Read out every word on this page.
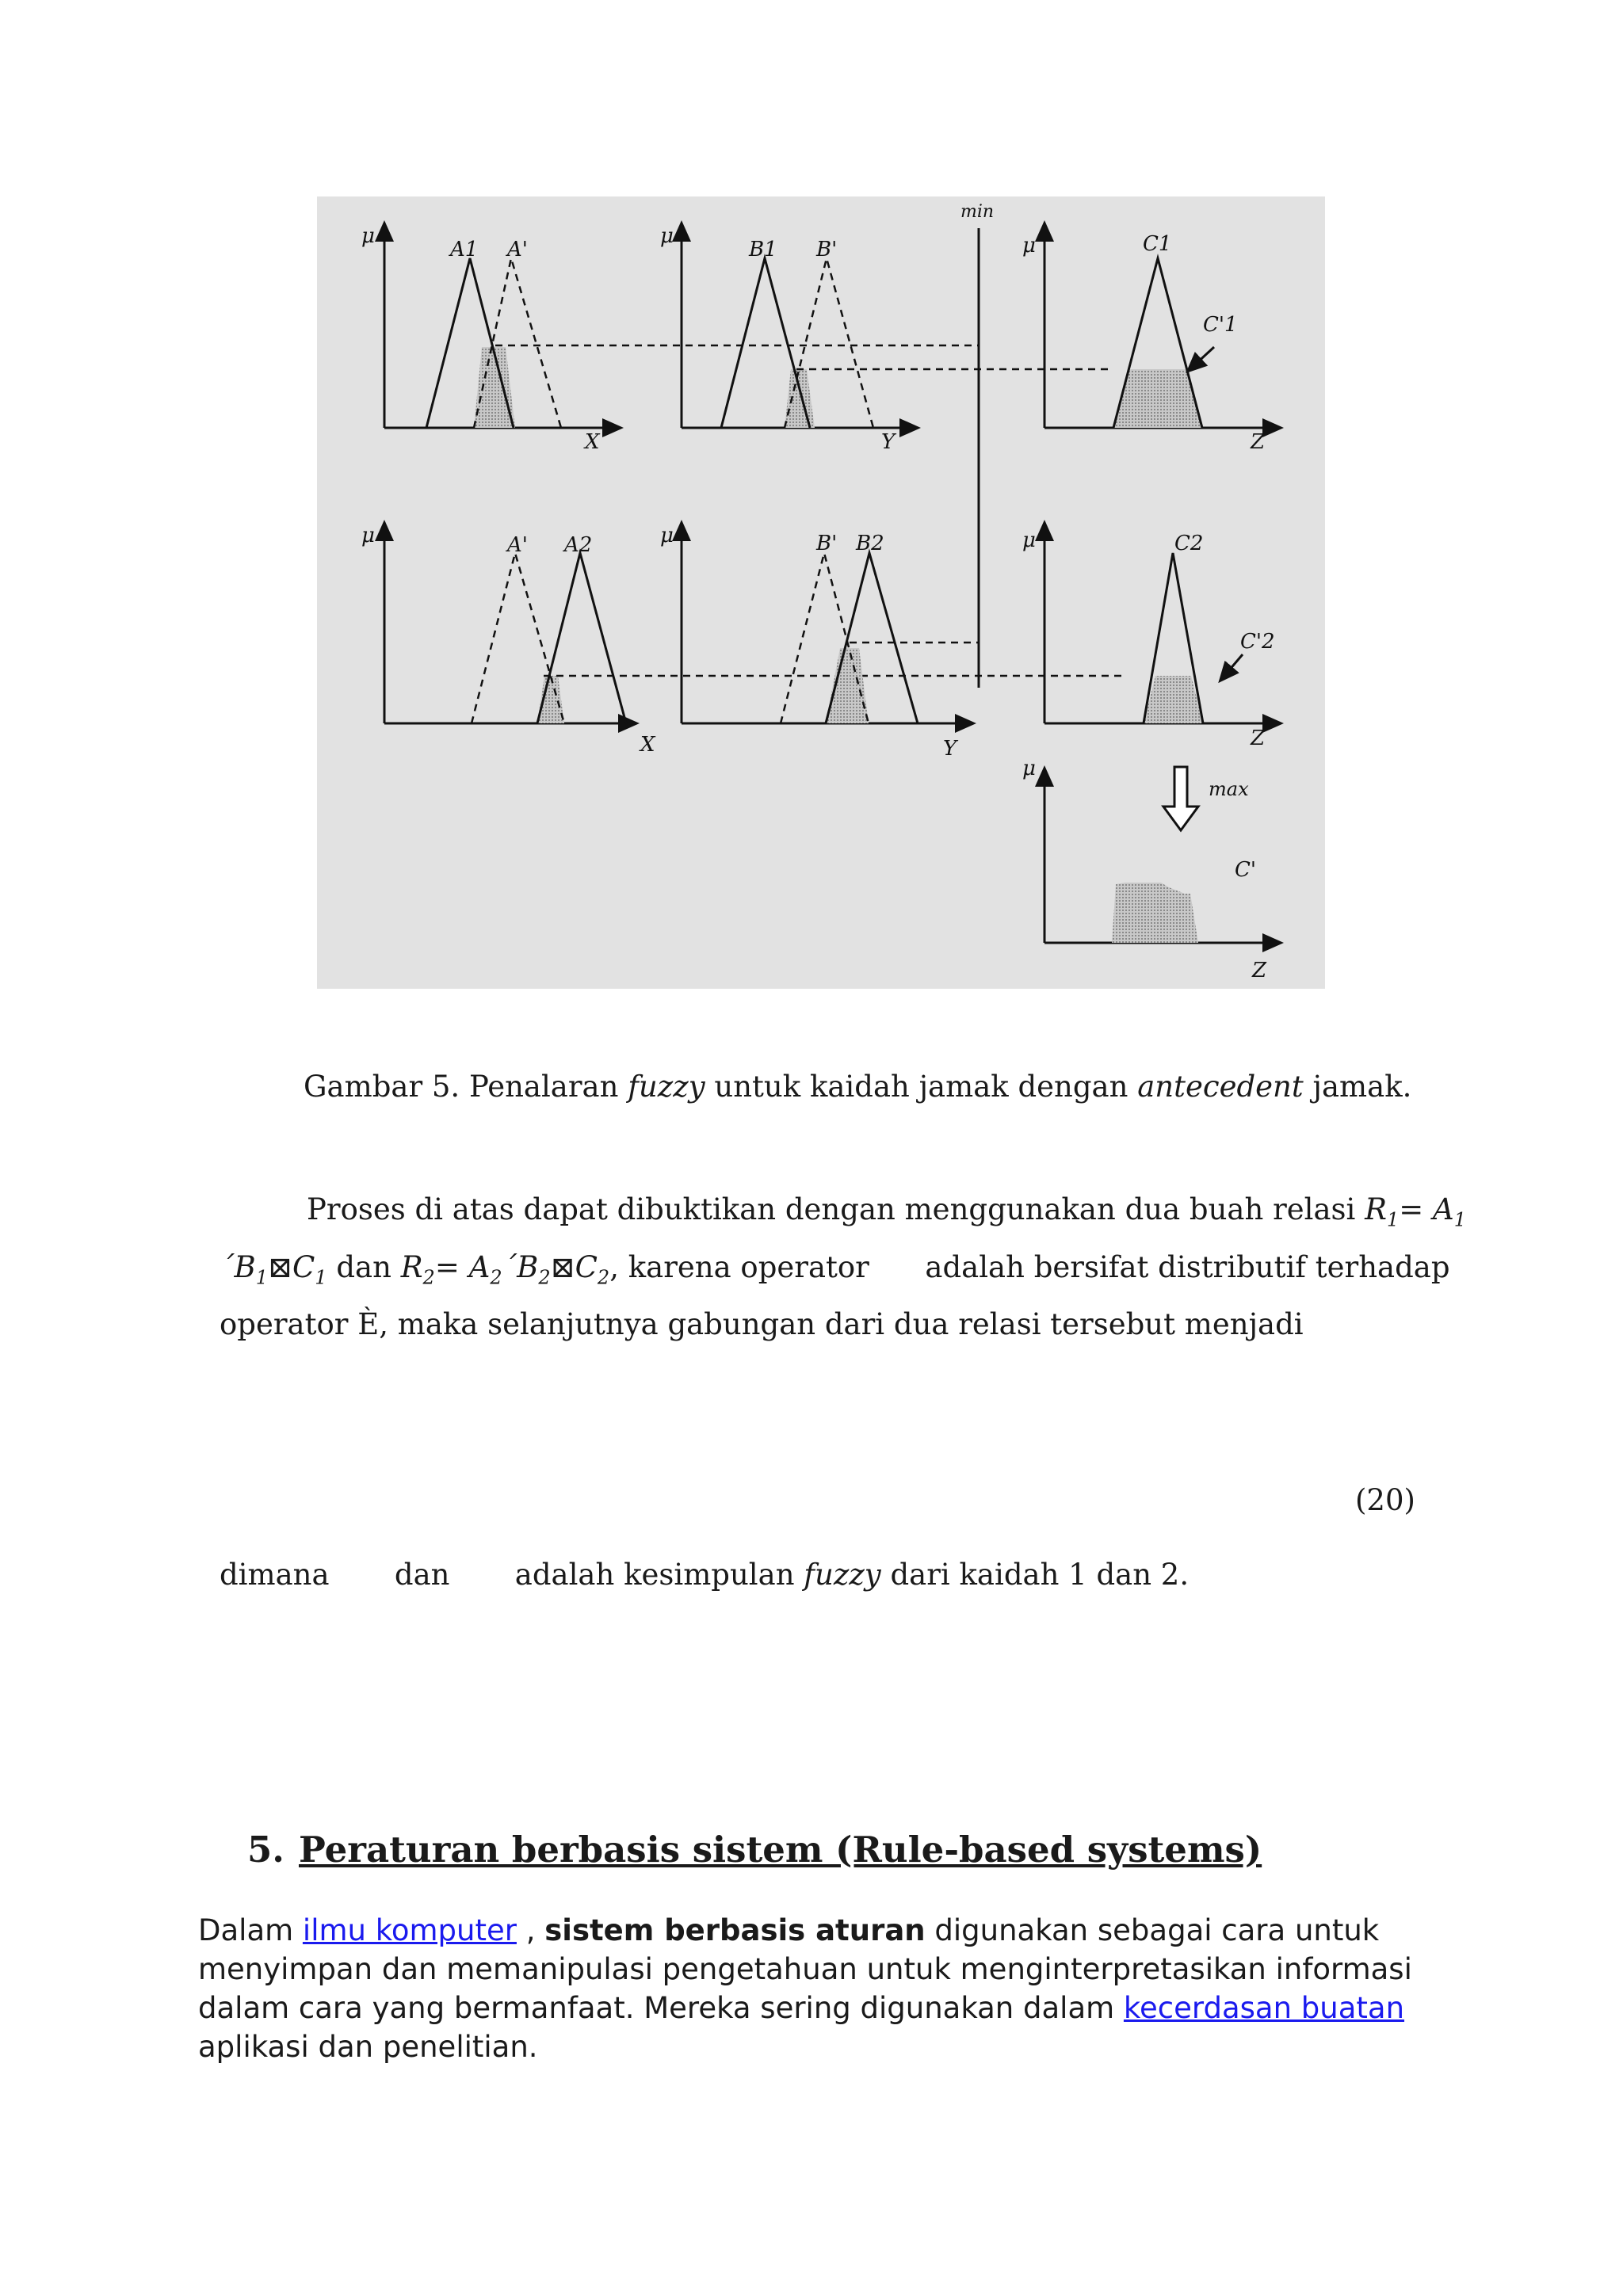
min
μ
A1 A'
X
μ
B1 B'
Y
μ	C1
C'1
Z
μ	A' A2
X
μ	B' B2
Y
μ	C2
C'2
Z
μ
C'
Z
max
Gambar 5. Penalaran fuzzy untuk kaidah jamak dengan antecedent jamak.
Proses di atas dapat dibuktikan dengan menggunakan dua buah relasi $R_1= A_1$
$´B_1⊠C_1$ dan $R_2=$ $A_2´B_2⊠C_2$, karena operator      adalah bersifat distributif terhadap
operator È, maka selanjutnya gabungan dari dua relasi tersebut menjadi
(20)
dimana       dan       adalah kesimpulan fuzzy dari kaidah 1 dan 2.
5. Peraturan berbasis sistem (Rule-based systems)
Dalam ilmu komputer , sistem berbasis aturan digunakan sebagai cara untuk
menyimpan dan memanipulasi pengetahuan untuk menginterpretasikan informasi
dalam cara yang bermanfaat. Mereka sering digunakan dalam kecerdasan buatan
aplikasi dan penelitian.
